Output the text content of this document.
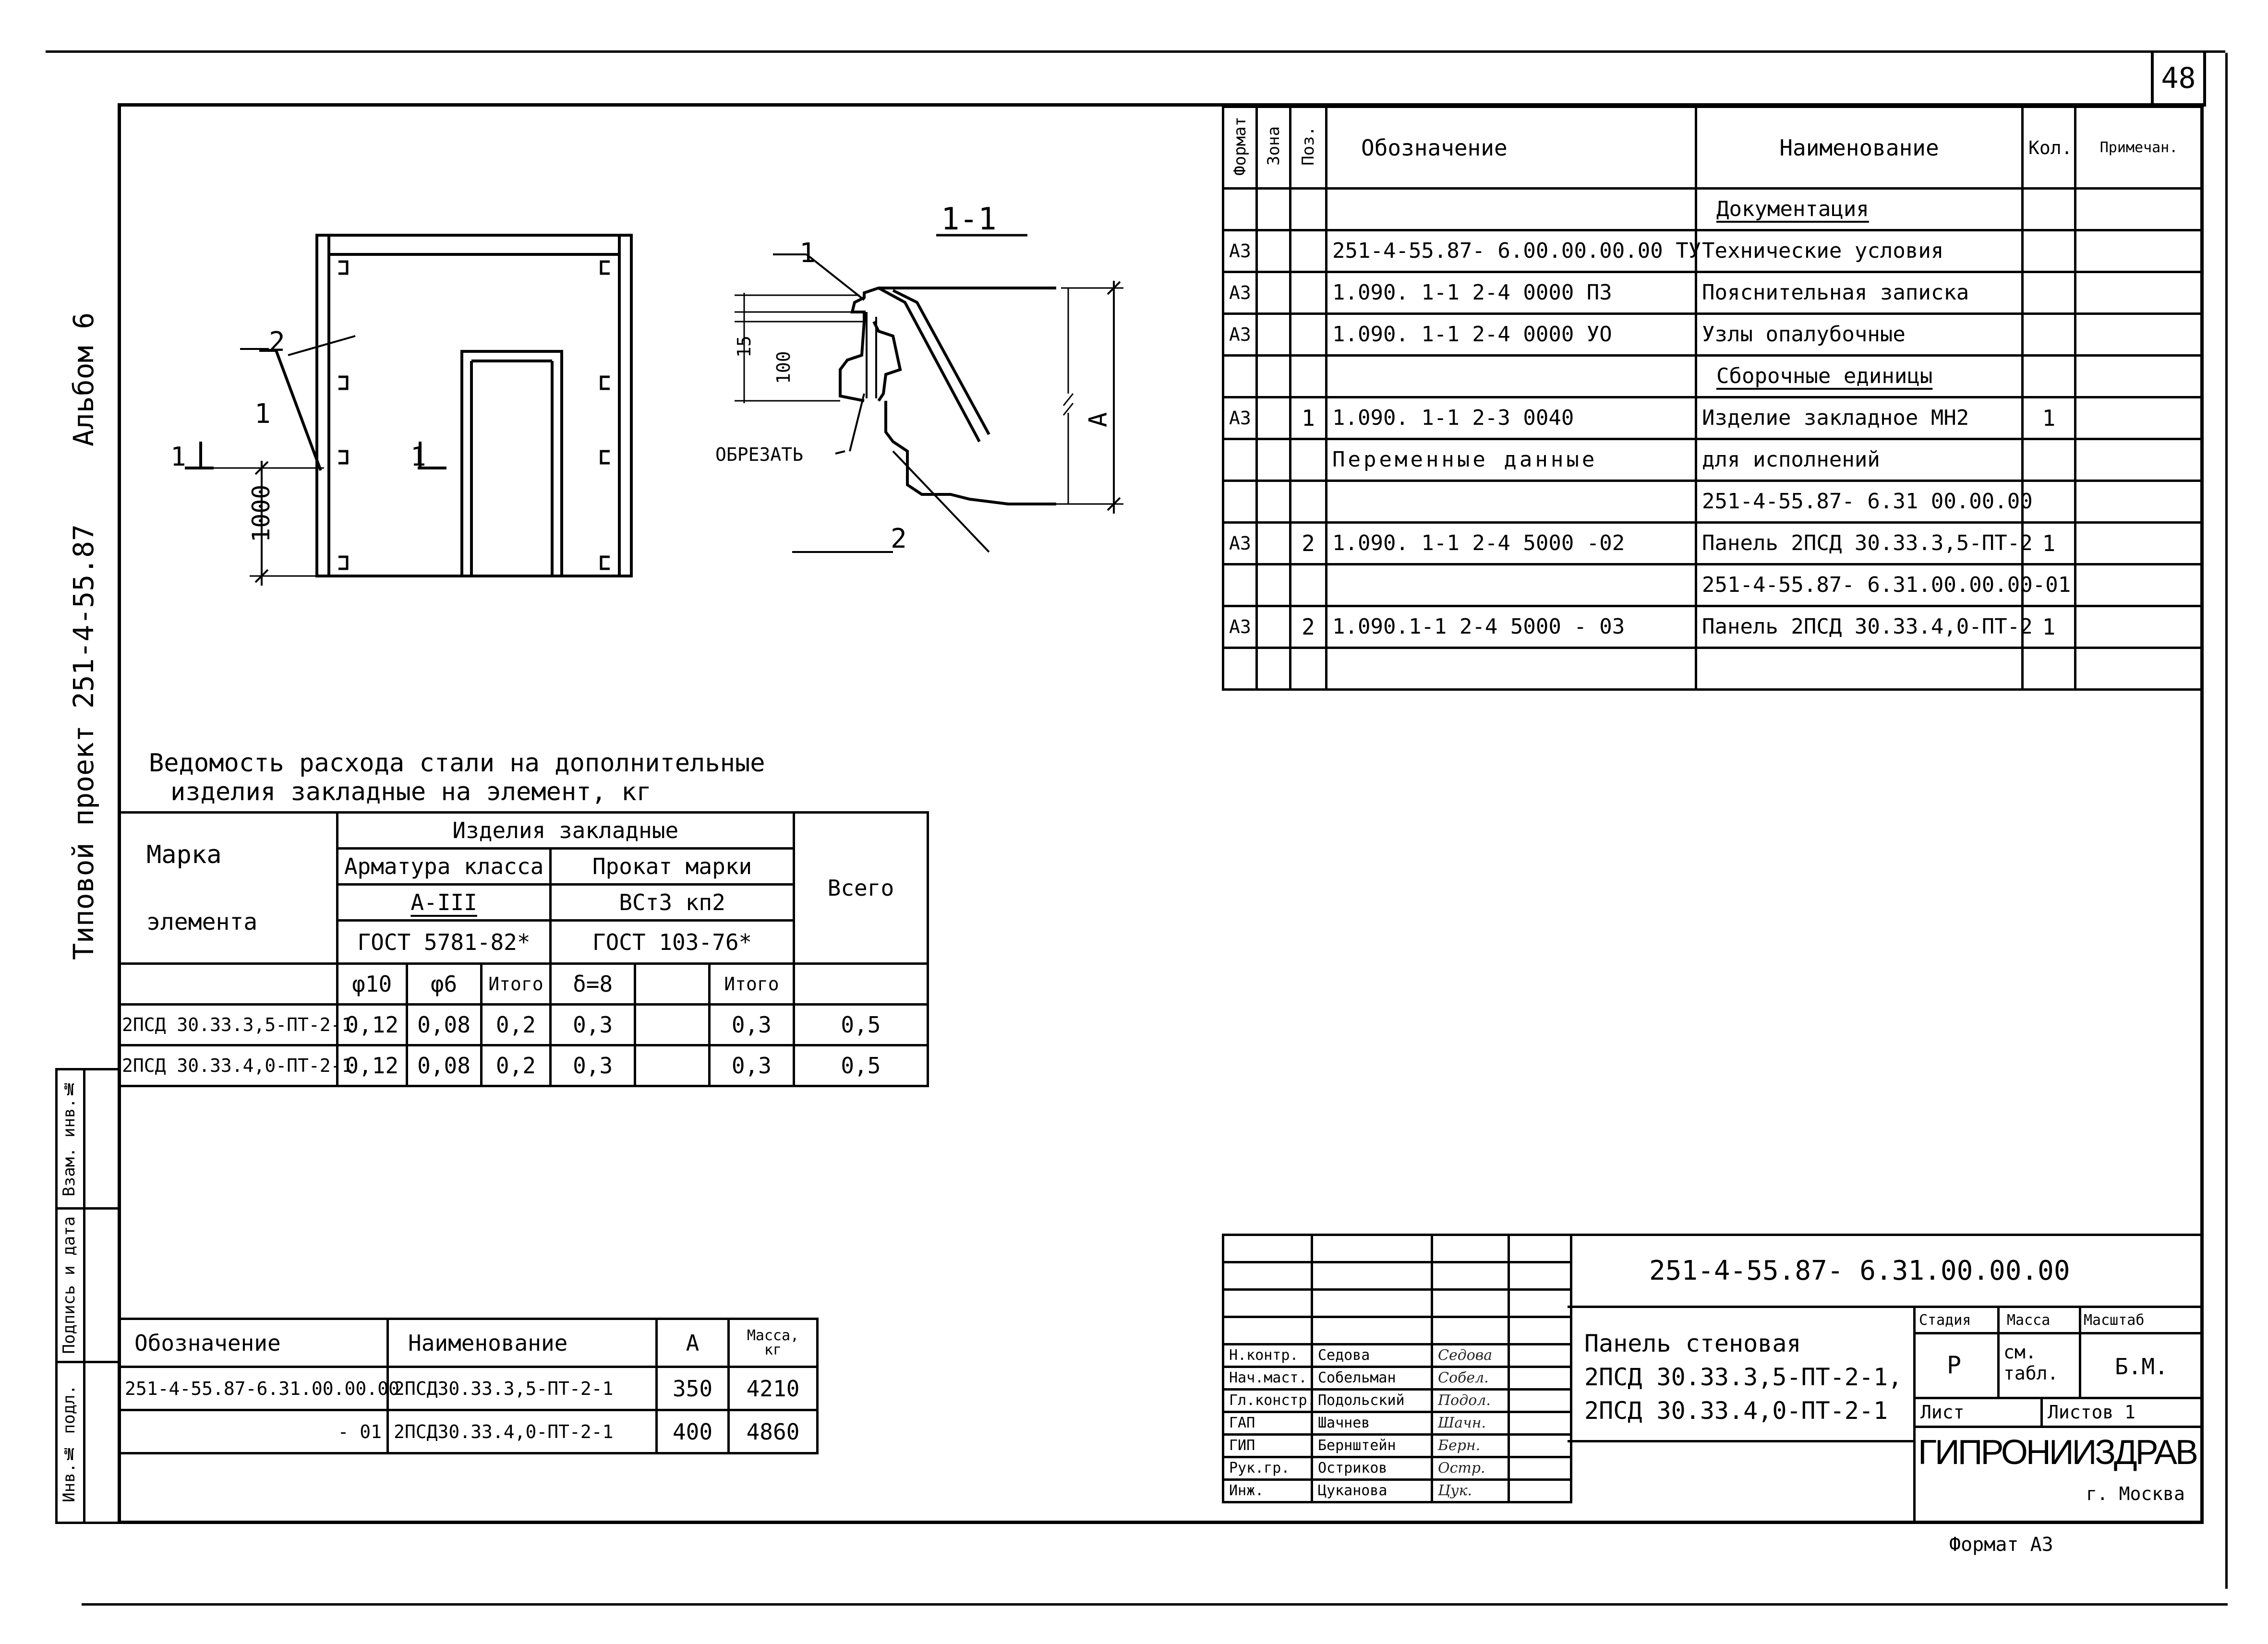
48
Типовой проект 251-4-55.87
Альбом 6
Взам. инв.№
Подпись и дата
Инв.№ подл.
1-1
2
1
1	1
1000
1
2
ОБРЕЗАТЬ
15
100
A
Формат	Зона	Поз.	Обозначение	Наименование	Кол.	Примечан.
				Документация		
А3			251-4-55.87- 6.00.00.00.00 ТУ	Технические условия		
А3			1.090. 1-1 2-4 0000 ПЗ	Пояснительная записка		
А3			1.090. 1-1 2-4 0000 УО	Узлы опалубочные		
				Сборочные единицы		
А3		1	1.090. 1-1 2-3 0040	Изделие закладное МН2	1	
			Переменные данные	для исполнений		
				251-4-55.87- 6.31 00.00.00		
А3		2	1.090. 1-1 2-4 5000 -02	Панель 2ПСД 30.33.3,5-ПТ-2	1	
				251-4-55.87- 6.31.00.00.00-01		
А3		2	1.090.1-1 2-4 5000 - 03	Панель 2ПСД 30.33.4,0-ПТ-2	1	

Ведомость расхода стали на дополнительные
изделия закладные на элемент, кг
Марка
элемента	Изделия закладные						Всего
	Арматура класса			Прокат марки			
	А-III			ВСт3 кп2			
	ГОСТ 5781-82*			ГОСТ 103-76*			
	φ10	φ6	Итого	δ=8		Итого	
2ПСД 30.33.3,5-ПТ-2-1	0,12	0,08	0,2	0,3		0,3	0,5
2ПСД 30.33.4,0-ПТ-2-1	0,12	0,08	0,2	0,3		0,3	0,5
Обозначение	Наименование	А	Масса, кг
251-4-55.87-6.31.00.00.00	2ПСД30.33.3,5-ПТ-2-1	350	4210
- 01	2ПСД30.33.4,0-ПТ-2-1	400	4860

Н.контр.	Седова	Седова	
Нач.маст.	Собельман	Собел.	
Гл.констр.	Подольский	Подол.	
ГАП	Шачнев	Шачн.	
ГИП	Бернштейн	Берн.	
Рук.гр.	Остриков	Остр.	
Инж.	Цуканова	Цук.	
251-4-55.87- 6.31.00.00.00
Панель стеновая
2ПСД 30.33.3,5-ПТ-2-1,
2ПСД 30.33.4,0-ПТ-2-1
Стадия Масса Масштаб
Р см. табл.	Б.М.
Лист	Листов 1
ГИПРОНИИЗДРАВ
г. Москва
Формат А3
